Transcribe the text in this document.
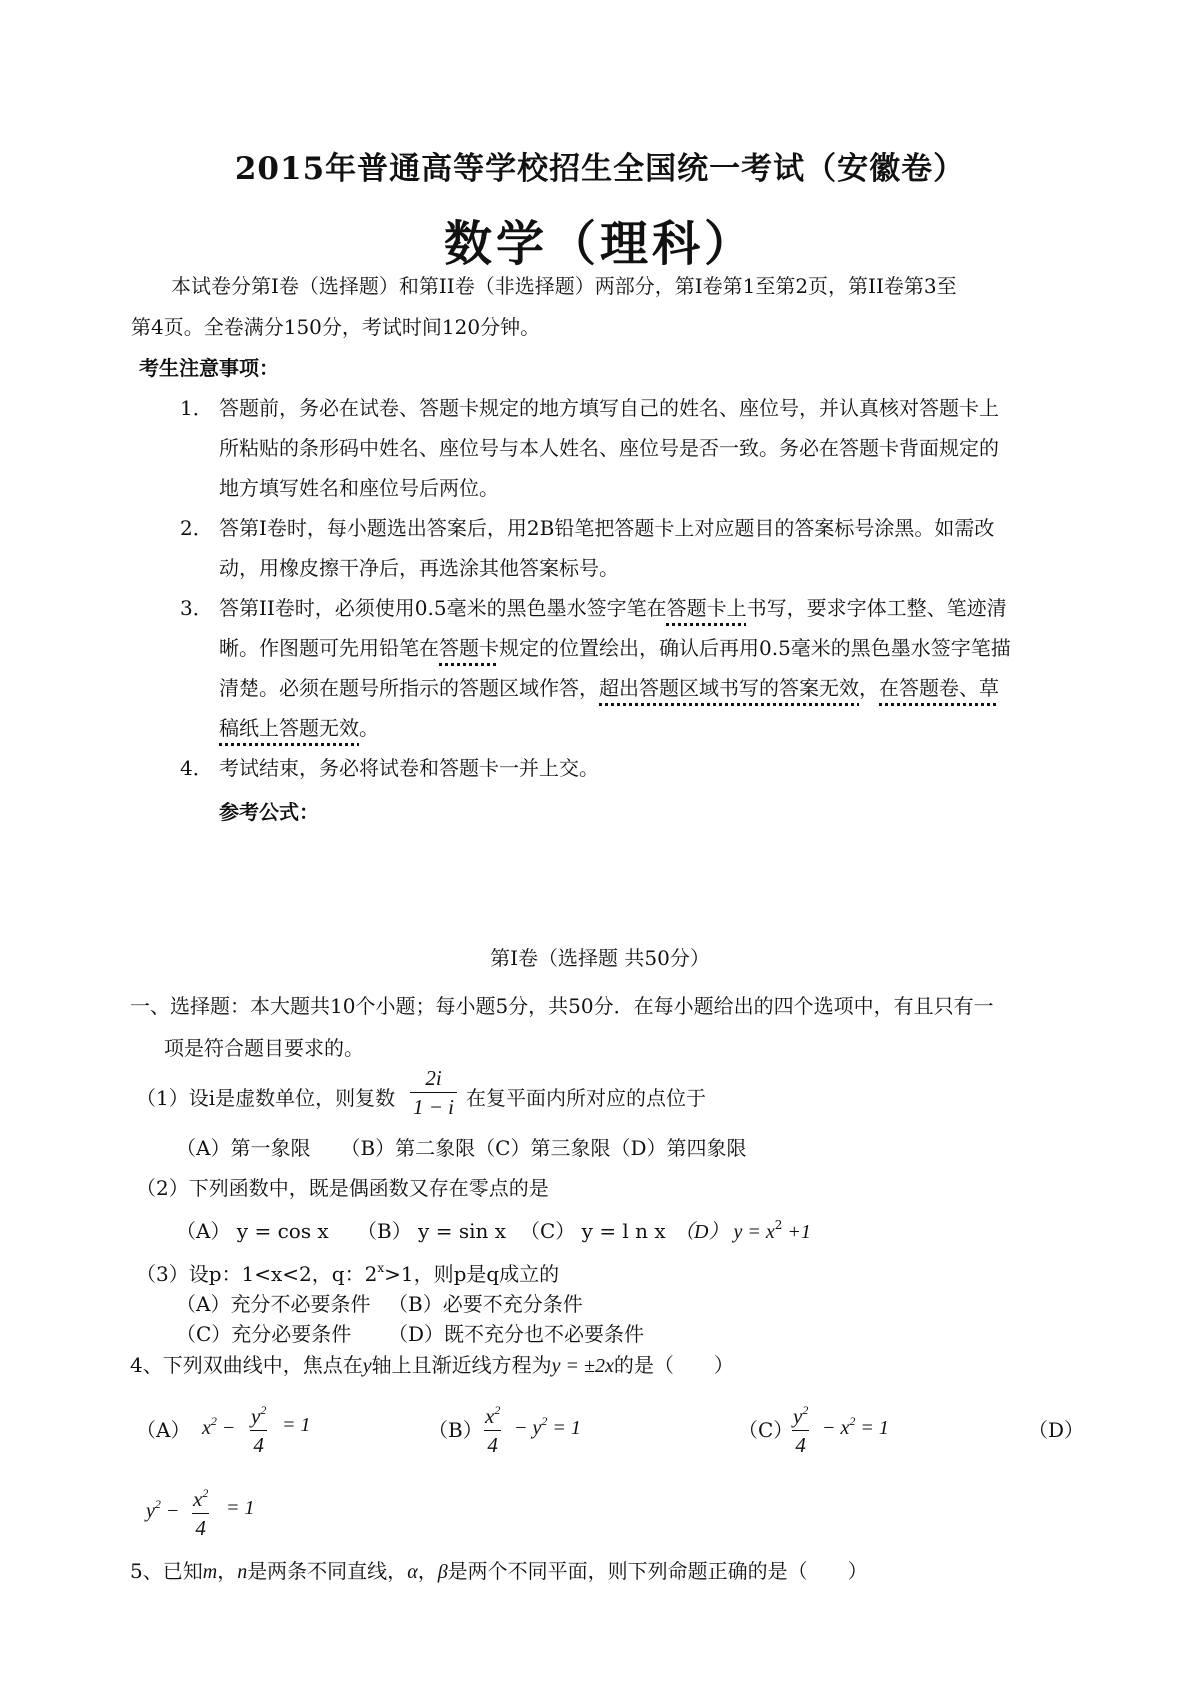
2015年普通高等学校招生全国统一考试（安徽卷）
数学（理科）
本试卷分第I卷（选择题）和第II卷（非选择题）两部分，第I卷第1至第2页，第II卷第3至
第4页。全卷满分150分，考试时间120分钟。
考生注意事项：
1． 答题前，务必在试卷、答题卡规定的地方填写自己的姓名、座位号，并认真核对答题卡上
所粘贴的条形码中姓名、座位号与本人姓名、座位号是否一致。务必在答题卡背面规定的
地方填写姓名和座位号后两位。
2． 答第I卷时，每小题选出答案后，用2B铅笔把答题卡上对应题目的答案标号涂黑。如需改
动，用橡皮擦干净后，再选涂其他答案标号。
3． 答第II卷时，必须使用0.5毫米的黑色墨水签字笔在答题卡上书写，要求字体工整、笔迹清
晰。作图题可先用铅笔在答题卡规定的位置绘出，确认后再用0.5毫米的黑色墨水签字笔描
清楚。必须在题号所指示的答题区域作答，超出答题区域书写的答案无效，在答题卷、草
稿纸上答题无效。
4． 考试结束，务必将试卷和答题卡一并上交。
参考公式：
第I卷（选择题 共50分）
一、选择题：本大题共10个小题；每小题5分，共50分．在每小题给出的四个选项中，有且只有一
项是符合题目要求的。
（1）设i是虚数单位，则复数 $\frac{2i}{1 - i}$ 在复平面内所对应的点位于
（A）第一象限　　（B）第二象限（C）第三象限（D）第四象限
（2）下列函数中，既是偶函数又存在零点的是
（A） y = cos x （B） y = sin x （C） y = l n x （D） $y = x^2 +1$
（3）设p：1<x<2，q：$2^x>1$，则p是q成立的
（A）充分不必要条件 （B）必要不充分条件
（C）充分必要条件 （D）既不充分也不必要条件
4、下列双曲线中，焦点在y轴上且渐近线方程为y = ±2x的是（　　）
（A） $x^2 - \frac{y^2}{4} = 1$	$(B) \frac{x^2}{4} - y^2 = 1$	（C）
$\frac{y^2}{4} - x^2 = 1$	（D）
$y^2 - \frac{x^2}{4} = 1$
5、已知m，n是两条不同直线，α，β是两个不同平面，则下列命题正确的是（　　）
